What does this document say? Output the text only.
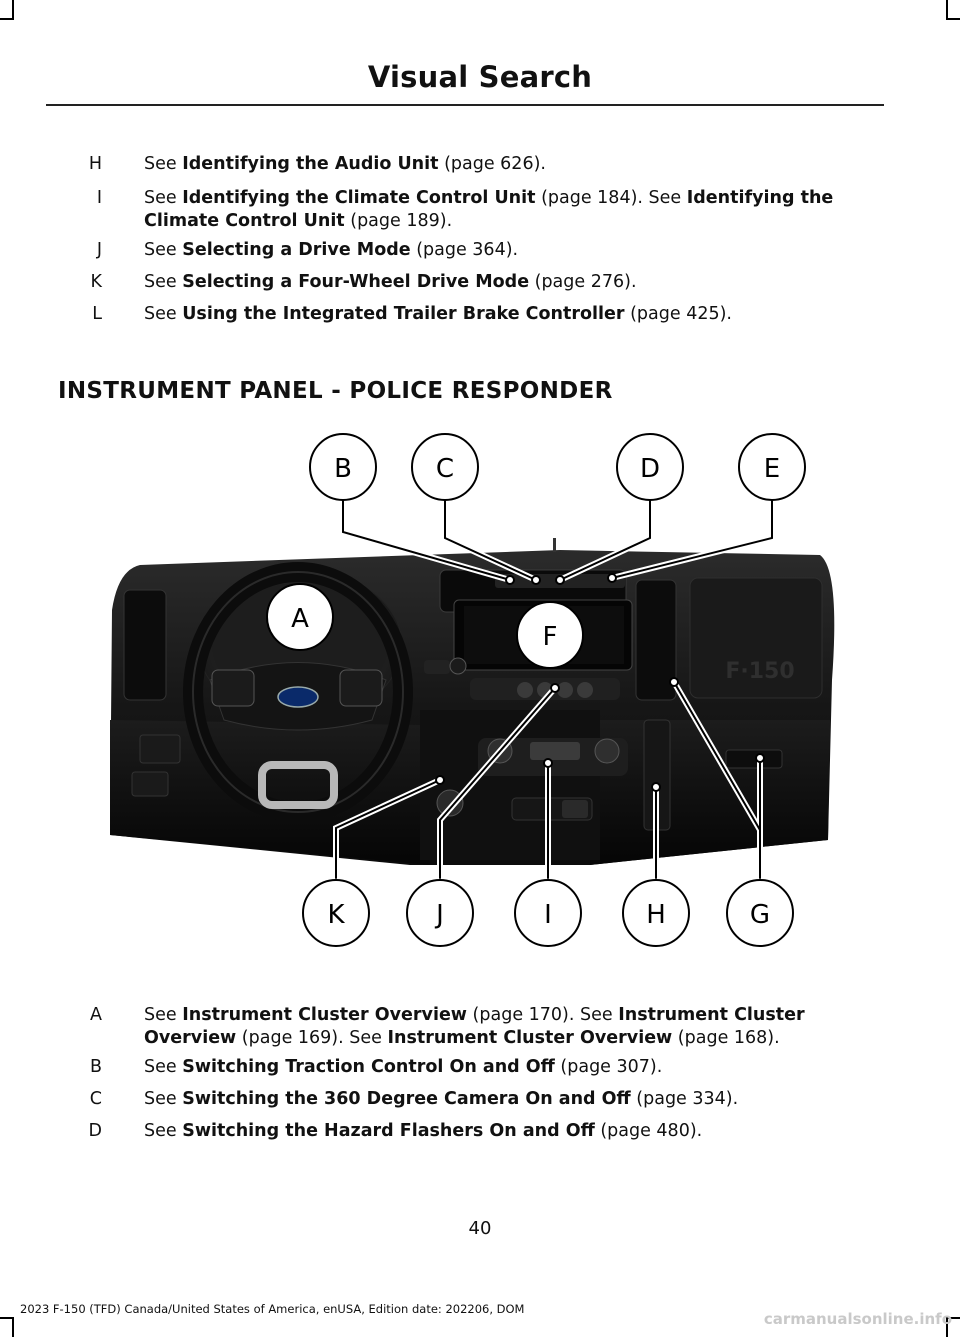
Visual Search
H See Identifying the Audio Unit (page 626).
I See Identifying the Climate Control Unit (page 184). See Identifying the Climate Control Unit (page 189).
J See Selecting a Drive Mode (page 364).
K See Selecting a Four-Wheel Drive Mode (page 276).
L See Using the Integrated Trailer Brake Controller (page 425).
INSTRUMENT PANEL - POLICE RESPONDER
F·150
A
B	C	D	E
F
G
H
I
J
K
A See Instrument Cluster Overview (page 170). See Instrument Cluster Overview (page 169). See Instrument Cluster Overview (page 168).
B See Switching Traction Control On and Off (page 307).
C See Switching the 360 Degree Camera On and Off (page 334).
D See Switching the Hazard Flashers On and Off (page 480).
40
2023 F-150 (TFD) Canada/United States of America, enUSA, Edition date: 202206, DOM
carmanualsonline.info
